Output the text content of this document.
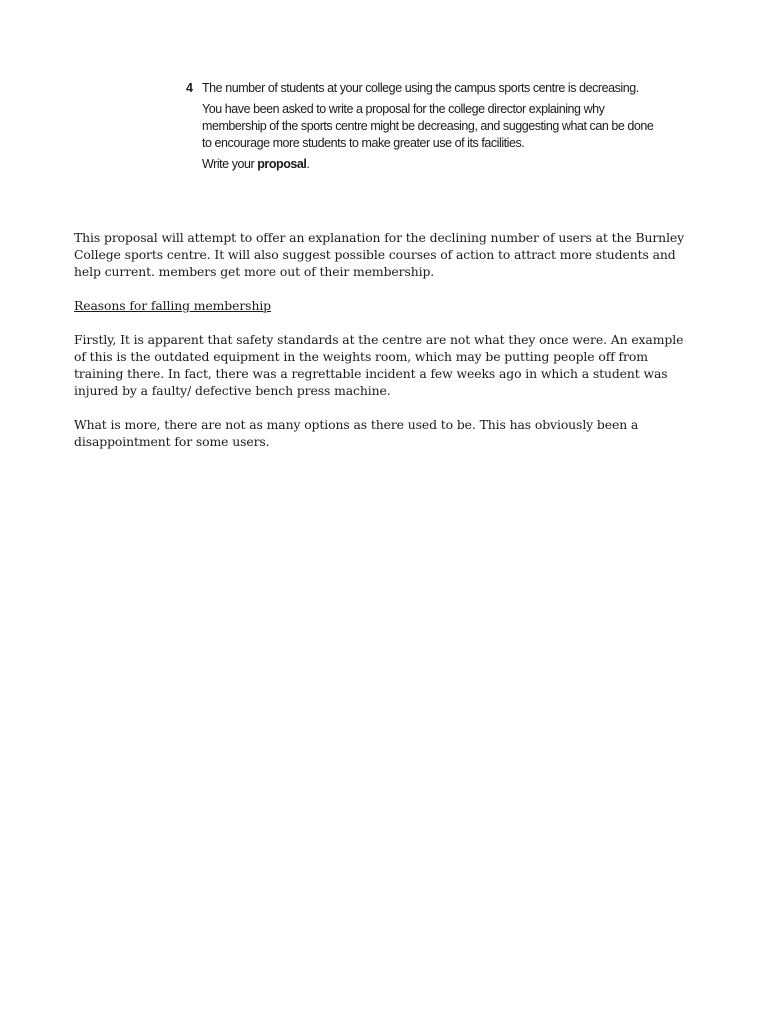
4 The number of students at your college using the campus sports centre is decreasing.

You have been asked to write a proposal for the college director explaining why membership of the sports centre might be decreasing, and suggesting what can be done to encourage more students to make greater use of its facilities.

Write your proposal.

This proposal will attempt to offer an explanation for the declining number of users at the Burnley College sports centre. It will also suggest possible courses of action to attract more students and help current. members get more out of their membership.

Reasons for falling membership

Firstly, It is apparent that safety standards at the centre are not what they once were. An example of this is the outdated equipment in the weights room, which may be putting people off from training there. In fact, there was a regrettable incident a few weeks ago in which a student was injured by a faulty/ defective bench press machine.

What is more, there are not as many options as there used to be. This has obviously been a disappointment for some users.
